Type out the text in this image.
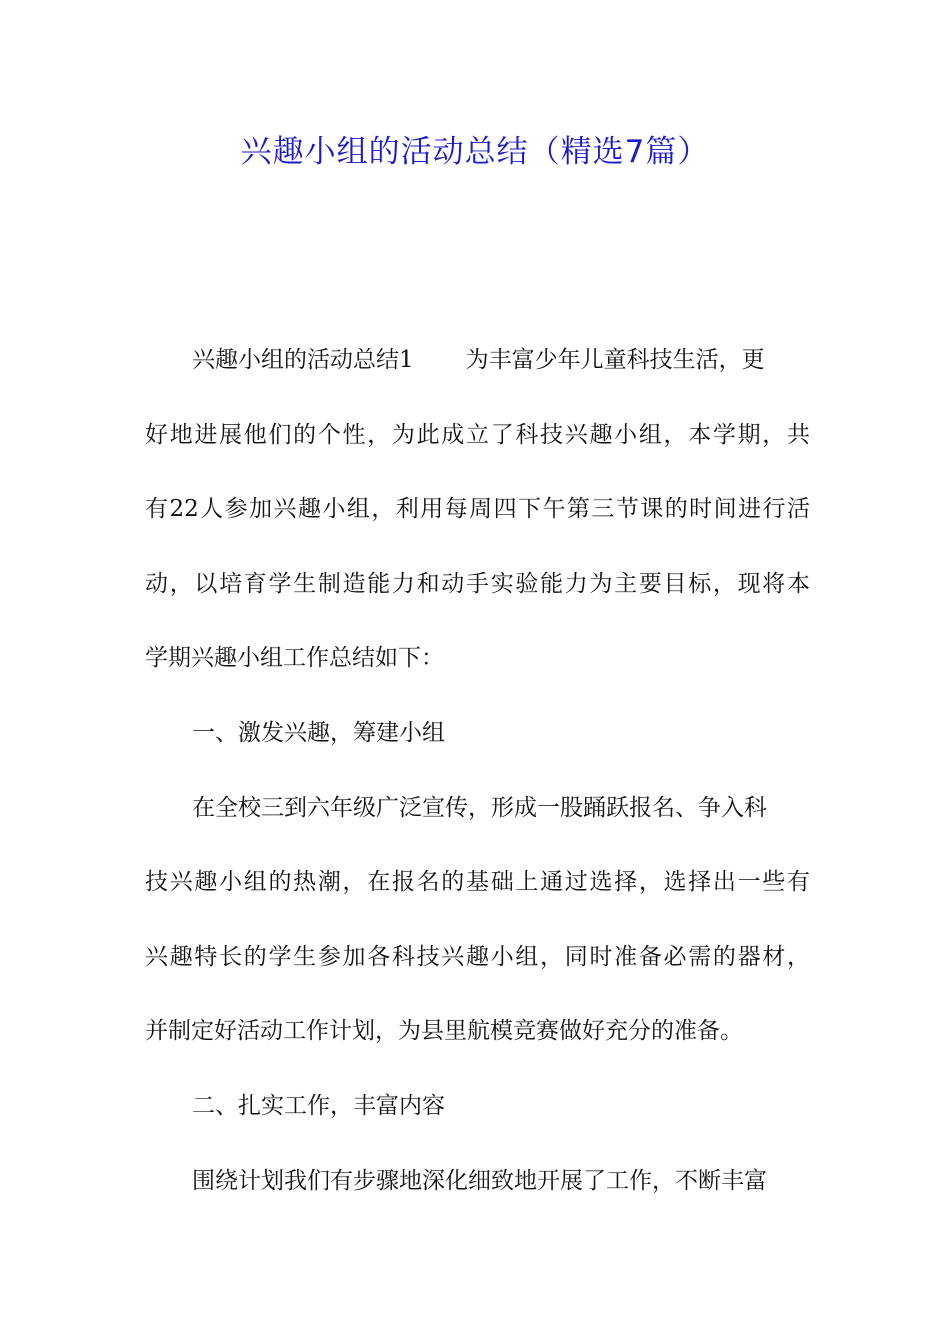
兴趣小组的活动总结（精选7篇）
兴趣小组的活动总结1 为丰富少年儿童科技生活，更
好地进展他们的个性，为此成立了科技兴趣小组，本学期，共
有22人参加兴趣小组，利用每周四下午第三节课的时间进行活
动，以培育学生制造能力和动手实验能力为主要目标，现将本
学期兴趣小组工作总结如下：
一、激发兴趣，筹建小组
在全校三到六年级广泛宣传，形成一股踊跃报名、争入科
技兴趣小组的热潮，在报名的基础上通过选择，选择出一些有
兴趣特长的学生参加各科技兴趣小组，同时准备必需的器材，
并制定好活动工作计划，为县里航模竞赛做好充分的准备。
二、扎实工作，丰富内容
围绕计划我们有步骤地深化细致地开展了工作，不断丰富
